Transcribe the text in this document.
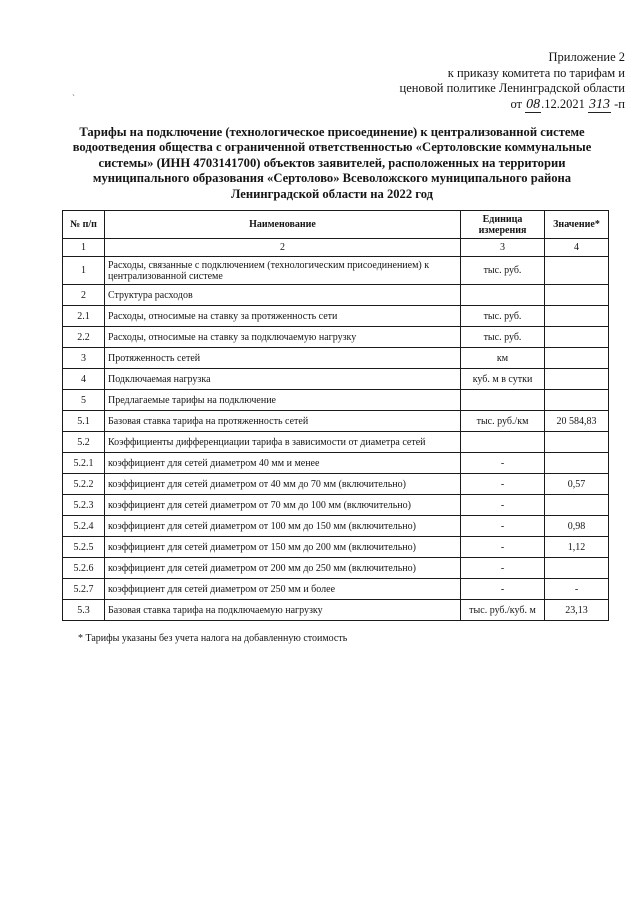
Приложение 2
к приказу комитета по тарифам и
ценовой политике Ленинградской области
от 08.12.2021 313 -п
`
Тарифы на подключение (технологическое присоединение) к централизованной системе
водоотведения общества с ограниченной ответственностью «Сертоловские коммунальные
системы» (ИНН 4703141700) объектов заявителей, расположенных на территории
муниципального образования «Сертолово» Всеволожского муниципального района
Ленинградской области на 2022 год
№ п/п	Наименование	Единица измерения	Значение*
1	2	3	4
1	Расходы, связанные с подключением (технологическим присоединением) к централизованной системе	тыс. руб.	
2	Структура расходов		
2.1	Расходы, относимые на ставку за протяженность сети	тыс. руб.	
2.2	Расходы, относимые на ставку за подключаемую нагрузку	тыс. руб.	
3	Протяженность сетей	км	
4	Подключаемая нагрузка	куб. м в сутки	
5	Предлагаемые тарифы на подключение		
5.1	Базовая ставка тарифа на протяженность сетей	тыс. руб./км	20 584,83
5.2	Коэффициенты дифференциации тарифа в зависимости от диаметра сетей		
5.2.1	коэффициент для сетей диаметром 40 мм и менее	-	
5.2.2	коэффициент для сетей диаметром от 40 мм до 70 мм (включительно)	-	0,57
5.2.3	коэффициент для сетей диаметром от 70 мм до 100 мм (включительно)	-	
5.2.4	коэффициент для сетей диаметром от 100 мм до 150 мм (включительно)	-	0,98
5.2.5	коэффициент для сетей диаметром от 150 мм до 200 мм (включительно)	-	1,12
5.2.6	коэффициент для сетей диаметром от 200 мм до 250 мм (включительно)	-	
5.2.7	коэффициент для сетей диаметром от 250 мм и более	-	-
5.3	Базовая ставка тарифа на подключаемую нагрузку	тыс. руб./куб. м	23,13
* Тарифы указаны без учета налога на добавленную стоимость
